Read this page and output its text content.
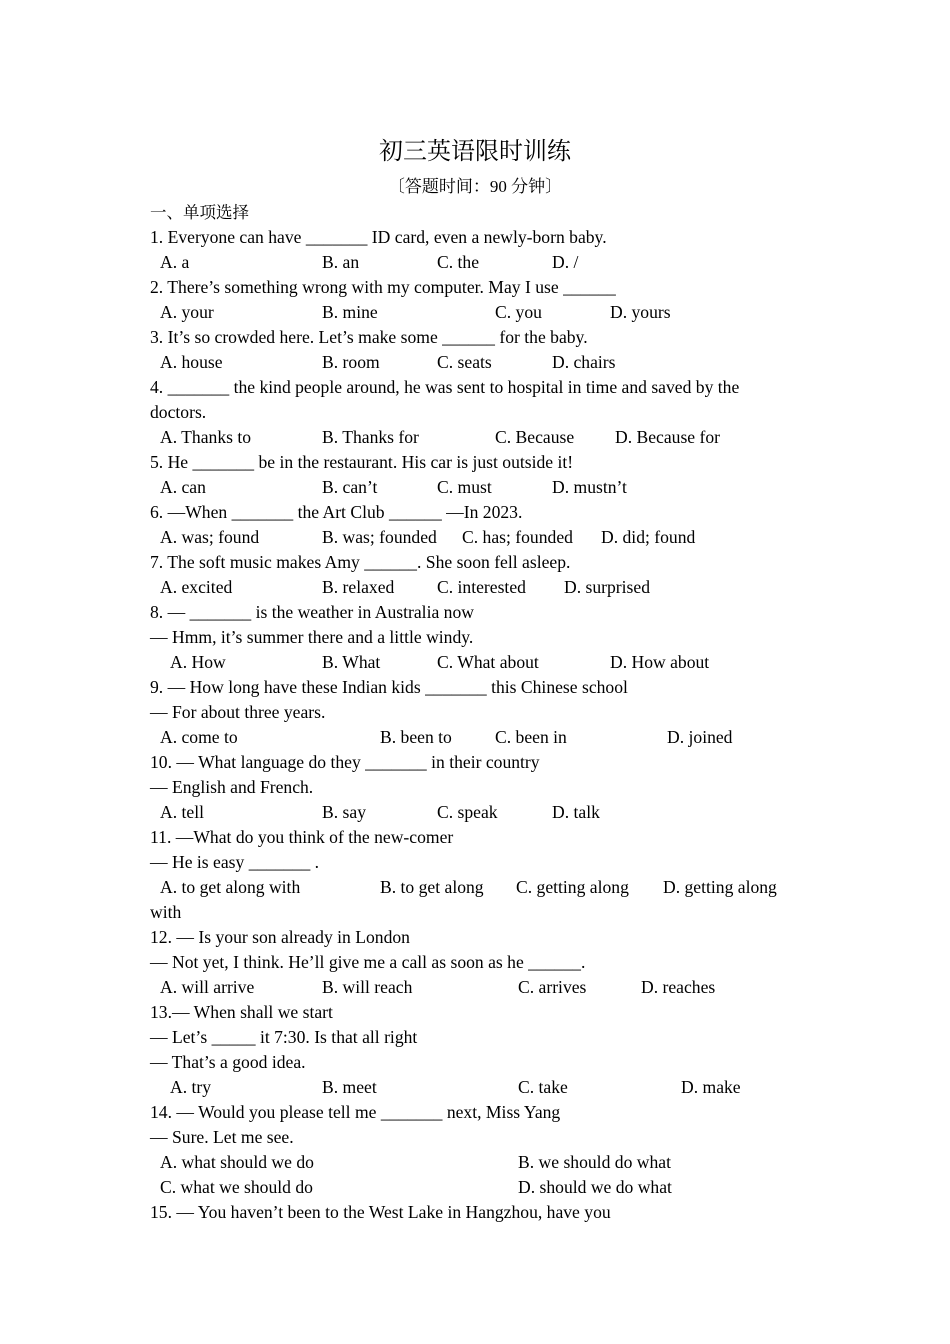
初三英语限时训练
〔答题时间：90 分钟〕
一、单项选择
1. Everyone can have _______ ID card, even a newly-born baby.
A. a	B. an	C. the	D. /
2. There’s something wrong with my computer. May I use ______
A. your	B. mine	C. you	D. yours
3. It’s so crowded here. Let’s make some ______ for the baby.
A. house	B. room	C. seats	D. chairs
4. _______ the kind people around, he was sent to hospital in time and saved by the
doctors.
A. Thanks to	B. Thanks for	C. Because D. Because for
5. He _______ be in the restaurant. His car is just outside it!
A. can	B. can’t	C. must	D. mustn’t
6. —When _______ the Art Club ______ —In 2023.
A. was; found	B. was; founded C. has; founded D. did; found
7. The soft music makes Amy ______. She soon fell asleep.
A. excited	B. relaxed C. interested D. surprised
8. — _______ is the weather in Australia now
— Hmm, it’s summer there and a little windy.
A. How	B. What	C. What about	D. How about
9. — How long have these Indian kids _______ this Chinese school
— For about three years.
A. come to	B. been to C. been in	D. joined
10. — What language do they _______ in their country
— English and French.
A. tell	B. say	C. speak	D. talk
11. —What do you think of the new-comer
— He is easy _______ .
A. to get along with	B. to get along C. getting along D. getting along
with
12. — Is your son already in London
— Not yet, I think. He’ll give me a call as soon as he ______.
A. will arrive	B. will reach	C. arrives	D. reaches
13.— When shall we start
— Let’s _____ it 7:30. Is that all right
— That’s a good idea.
A. try	B. meet	C. take	D. make
14. — Would you please tell me _______ next, Miss Yang
— Sure. Let me see.
A. what should we do	B. we should do what
C. what we should do	D. should we do what
15. — You haven’t been to the West Lake in Hangzhou, have you
